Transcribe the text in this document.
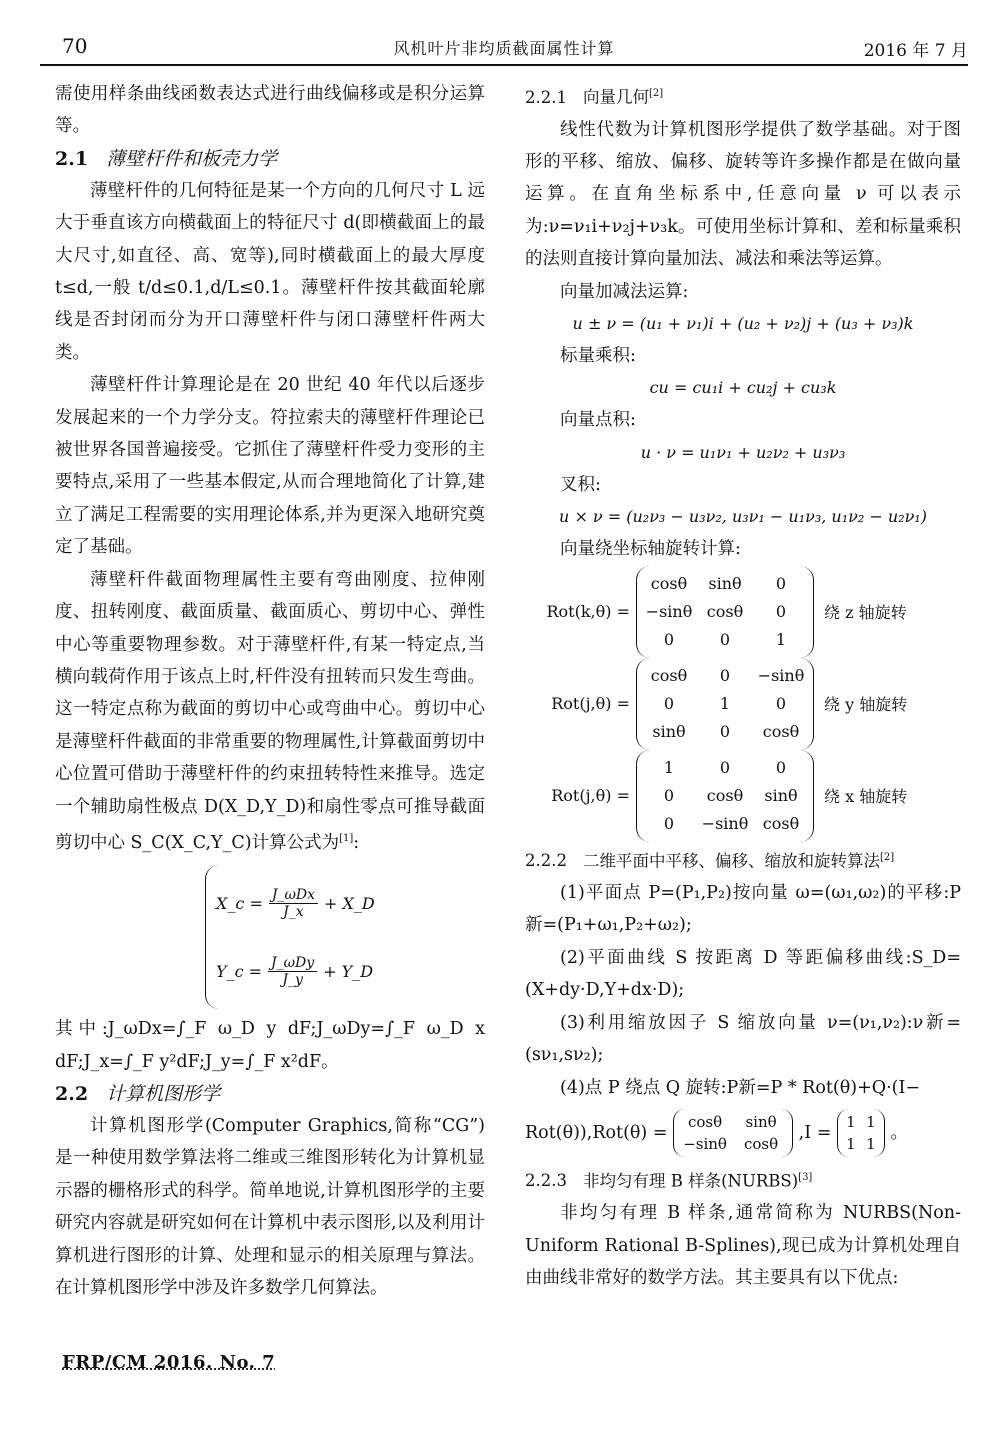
70	风机叶片非均质截面属性计算	2016 年 7 月

需使用样条曲线函数表达式进行曲线偏移或是积分运算等。

2.1 薄壁杆件和板壳力学

薄壁杆件的几何特征是某一个方向的几何尺寸 L 远大于垂直该方向横截面上的特征尺寸 d(即横截面上的最大尺寸,如直径、高、宽等),同时横截面上的最大厚度 t≤d,一般 t/d≤0.1,d/L≤0.1。薄壁杆件按其截面轮廓线是否封闭而分为开口薄壁杆件与闭口薄壁杆件两大类。

薄壁杆件计算理论是在 20 世纪 40 年代以后逐步发展起来的一个力学分支。符拉索夫的薄壁杆件理论已被世界各国普遍接受。它抓住了薄壁杆件受力变形的主要特点,采用了一些基本假定,从而合理地简化了计算,建立了满足工程需要的实用理论体系,并为更深入地研究奠定了基础。

薄壁杆件截面物理属性主要有弯曲刚度、拉伸刚度、扭转刚度、截面质量、截面质心、剪切中心、弹性中心等重要物理参数。对于薄壁杆件,有某一特定点,当横向载荷作用于该点上时,杆件没有扭转而只发生弯曲。这一特定点称为截面的剪切中心或弯曲中心。剪切中心是薄壁杆件截面的非常重要的物理属性,计算截面剪切中心位置可借助于薄壁杆件的约束扭转特性来推导。选定一个辅助扇性极点 D(X_D,Y_D)和扇性零点可推导截面剪切中心 S_C(X_C,Y_C)计算公式为[1]:

X_c = $\frac{\text{J\_ωDx}}{J\_x}$ + X_D
Y_c = $\frac{\text{J\_ωDy}}{J\_y}$ + Y_D

其中:J_ωDx=∫_F ω_D y dF;J_ωDy=∫_F ω_D x dF;J_x=∫_F y²dF;J_y=∫_F x²dF。

2.2 计算机图形学

计算机图形学(Computer Graphics,简称“CG”)是一种使用数学算法将二维或三维图形转化为计算机显示器的栅格形式的科学。简单地说,计算机图形学的主要研究内容就是研究如何在计算机中表示图形,以及利用计算机进行图形的计算、处理和显示的相关原理与算法。在计算机图形学中涉及许多数学几何算法。

2.2.1 向量几何[2]

线性代数为计算机图形学提供了数学基础。对于图形的平移、缩放、偏移、旋转等许多操作都是在做向量运算。在直角坐标系中,任意向量 ν 可以表示为:ν=ν₁i+ν₂j+ν₃k。可使用坐标计算和、差和标量乘积的法则直接计算向量加法、减法和乘法等运算。

向量加减法运算:

u ± ν = (u₁ + ν₁)i + (u₂ + ν₂)j + (u₃ + ν₃)k

标量乘积:

cu = cu₁i + cu₂j + cu₃k

向量点积:

u · ν = u₁ν₁ + u₂ν₂ + u₃ν₃

叉积:

u × ν = (u₂ν₃ − u₃ν₂, u₃ν₁ − u₁ν₃, u₁ν₂ − u₂ν₁)

向量绕坐标轴旋转计算:

Rot(k,θ) =
cosθ	sinθ	0
−sinθ cosθ	0
0	0	1
绕 z 轴旋转
Rot(j,θ) =
cosθ	0	−sinθ
0	1	0
sinθ	0	cosθ
绕 y 轴旋转
Rot(j,θ) =
1	0	0
0	cosθ	sinθ
0	−sinθ cosθ
绕 x 轴旋转
2.2.2 二维平面中平移、偏移、缩放和旋转算法[2]

(1)平面点 P=(P₁,P₂)按向量 ω=(ω₁,ω₂)的平移:P新=(P₁+ω₁,P₂+ω₂);

(2)平面曲线 S 按距离 D 等距偏移曲线:S_D=(X+dy·D,Y+dx·D);

(3)利用缩放因子 S 缩放向量 ν=(ν₁,ν₂):ν新=(sν₁,sν₂);

(4)点 P 绕点 Q 旋转:P新=P * Rot(θ)+Q·(I−

Rot(θ)),Rot(θ) =
cosθ	sinθ
−sinθ	cosθ
,I =
1 1
1 1
。

2.2.3 非均匀有理 B 样条(NURBS)[3]

非均匀有理 B 样条,通常简称为 NURBS(Non-Uniform Rational B-Splines),现已成为计算机处理自由曲线非常好的数学方法。其主要具有以下优点:

FRP/CM 2016. No. 7
